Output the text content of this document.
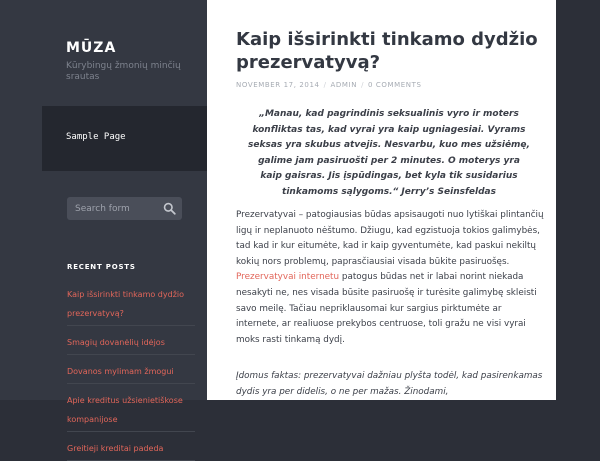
MŪZA

Kūrybingų žmonių minčių srautas

Sample Page
Search form
RECENT POSTS
Kaip išsirinkti tinkamo dydžio prezervatyvą?
Smagių dovanėlių idėjos
Dovanos mylimam žmogui
Apie kreditus užsienietiškose kompanijose
Greitieji kreditai padeda
Kaip išsirinkti tinkamo dydžio prezervatyvą?
NOVEMBER 17, 2014 / ADMIN / 0 COMMENTS

„Manau, kad pagrindinis seksualinis vyro ir moters konfliktas tas, kad vyrai yra kaip ugniagesiai. Vyrams seksas yra skubus atvejis. Nesvarbu, kuo mes užsiėmę, galime jam pasiruošti per 2 minutes. O moterys yra kaip gaisras. Jis įspūdingas, bet kyla tik susidarius tinkamoms sąlygoms.“ Jerry’s Seinsfeldas

Prezervatyvai – patogiausias būdas apsisaugoti nuo lytiškai plintančių ligų ir neplanuoto nėštumo. Džiugu, kad egzistuoja tokios galimybės, tad kad ir kur eitumėte, kad ir kaip gyventumėte, kad paskui nekiltų kokių nors problemų, paprasčiausiai visada būkite pasiruošęs. Prezervatyvai internetu patogus būdas net ir labai norint niekada nesakyti ne, nes visada būsite pasiruošę ir turėsite galimybę skleisti savo meilę. Tačiau nepriklausomai kur sargius pirktumėte ar internete, ar realiuose prekybos centruose, toli gražu ne visi vyrai moks rasti tinkamą dydį.

Įdomus faktas: prezervatyvai dažniau plyšta todėl, kad pasirenkamas dydis yra per didelis, o ne per mažas. Žinodami,
